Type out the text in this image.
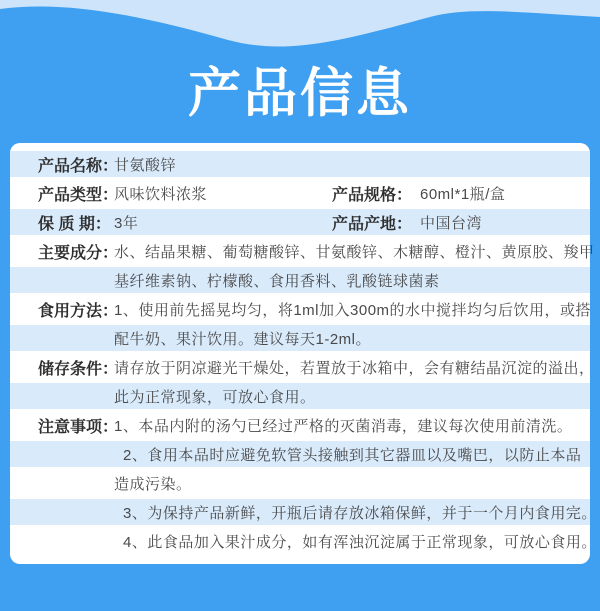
产品信息
产品名称：
甘氨酸锌
产品类型：
风味饮料浓浆	产品规格： 60ml*1瓶/盒
保 质 期： 3年	产品产地： 中国台湾
主要成分：
水、结晶果糖、葡萄糖酸锌、甘氨酸锌、木糖醇、橙汁、黄原胶、羧甲
基纤维素钠、柠檬酸、食用香料、乳酸链球菌素
食用方法：
1、使用前先摇晃均匀，将1ml加入300m的水中搅拌均匀后饮用，或搭
配牛奶、果汁饮用。建议每天1-2ml。
储存条件：
请存放于阴凉避光干燥处，若置放于冰箱中，会有糖结晶沉淀的溢出，
此为正常现象，可放心食用。
注意事项：
1、本品内附的汤勺已经过严格的灭菌消毒，建议每次使用前清洗。
2、食用本品时应避免软管头接触到其它器皿以及嘴巴，以防止本品
造成污染。
3、为保持产品新鲜，开瓶后请存放冰箱保鲜，并于一个月内食用完。
4、此食品加入果汁成分，如有浑浊沉淀属于正常现象，可放心食用。
